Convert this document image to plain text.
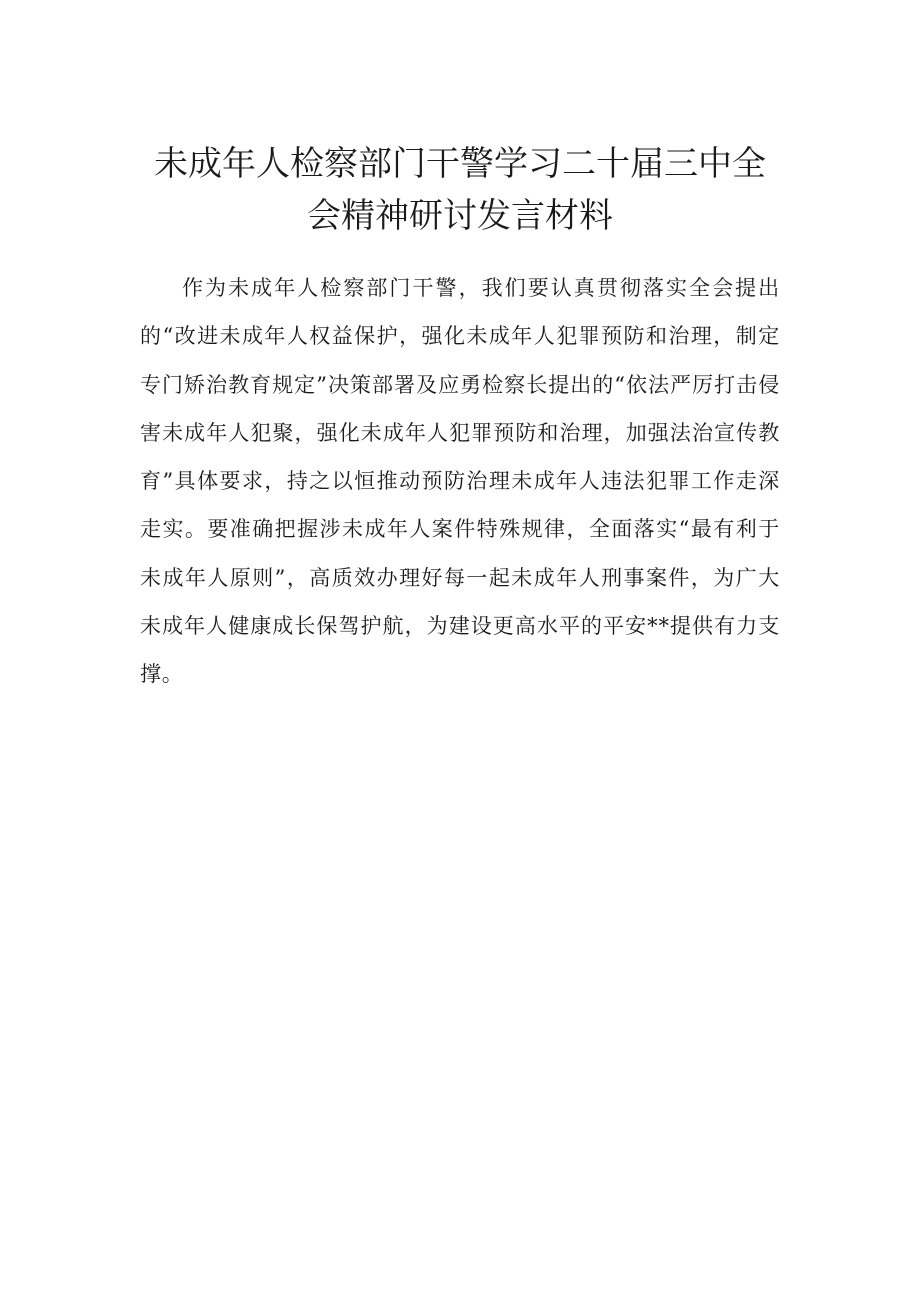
未成年人检察部门干警学习二十届三中全
会精神研讨发言材料

作为未成年人检察部门干警，我们要认真贯彻落实全会提出的“改进未成年人权益保护，强化未成年人犯罪预防和治理，制定专门矫治教育规定”决策部署及应勇检察长提出的“依法严厉打击侵害未成年人犯聚，强化未成年人犯罪预防和治理，加强法治宣传教育”具体要求，持之以恒推动预防治理未成年人违法犯罪工作走深走实。要准确把握涉未成年人案件特殊规律，全面落实“最有利于未成年人原则”，高质效办理好每一起未成年人刑事案件，为广大未成年人健康成长保驾护航，为建设更高水平的平安**提供有力支撑。
